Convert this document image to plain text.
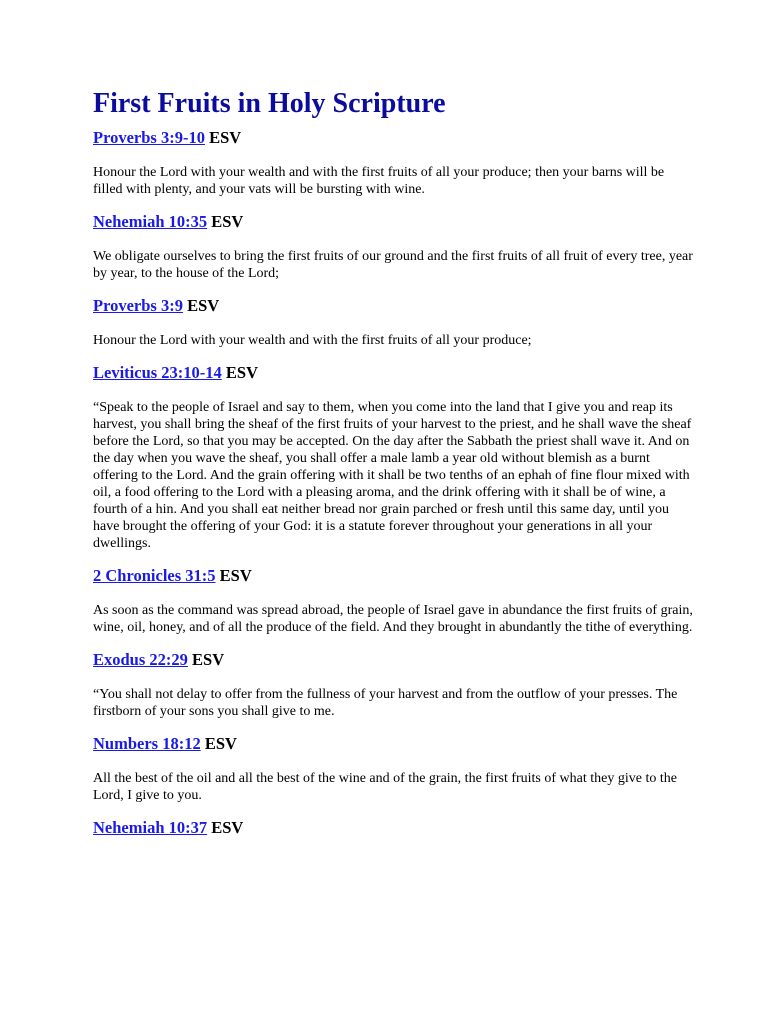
First Fruits in Holy Scripture

Proverbs 3:9-10 ESV

Honour the Lord with your wealth and with the first fruits of all your produce; then your barns will be filled with plenty, and your vats will be bursting with wine.

Nehemiah 10:35 ESV

We obligate ourselves to bring the first fruits of our ground and the first fruits of all fruit of every tree, year by year, to the house of the Lord;

Proverbs 3:9 ESV

Honour the Lord with your wealth and with the first fruits of all your produce;

Leviticus 23:10-14 ESV

“Speak to the people of Israel and say to them, when you come into the land that I give you and reap its harvest, you shall bring the sheaf of the first fruits of your harvest to the priest, and he shall wave the sheaf before the Lord, so that you may be accepted. On the day after the Sabbath the priest shall wave it. And on the day when you wave the sheaf, you shall offer a male lamb a year old without blemish as a burnt offering to the Lord. And the grain offering with it shall be two tenths of an ephah of fine flour mixed with oil, a food offering to the Lord with a pleasing aroma, and the drink offering with it shall be of wine, a fourth of a hin. And you shall eat neither bread nor grain parched or fresh until this same day, until you have brought the offering of your God: it is a statute forever throughout your generations in all your dwellings.

2 Chronicles 31:5 ESV

As soon as the command was spread abroad, the people of Israel gave in abundance the first fruits of grain, wine, oil, honey, and of all the produce of the field. And they brought in abundantly the tithe of everything.

Exodus 22:29 ESV

“You shall not delay to offer from the fullness of your harvest and from the outflow of your presses. The firstborn of your sons you shall give to me.

Numbers 18:12 ESV

All the best of the oil and all the best of the wine and of the grain, the first fruits of what they give to the Lord, I give to you.

Nehemiah 10:37 ESV
